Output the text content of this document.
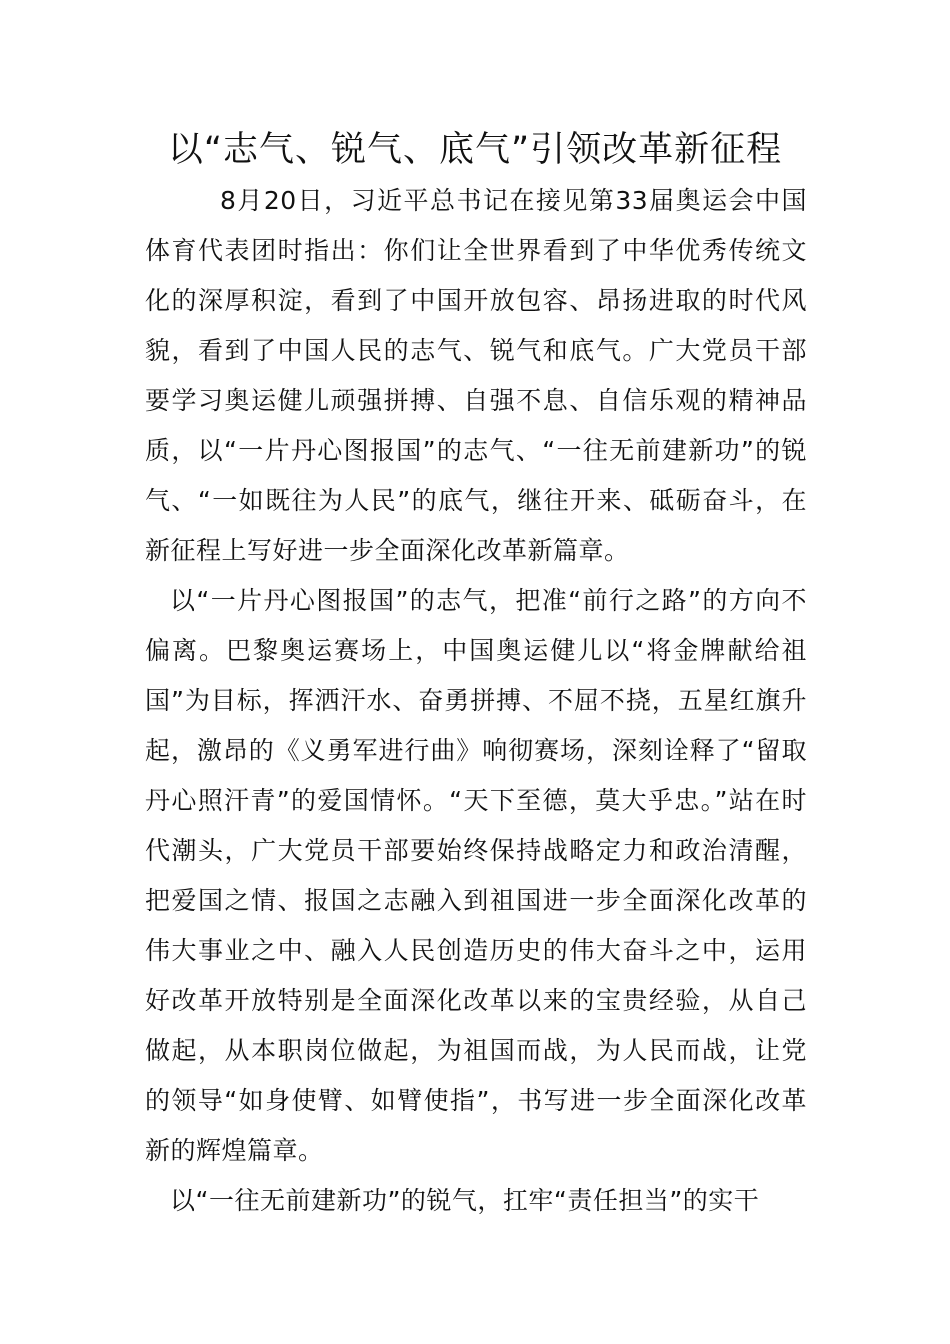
以“志气、锐气、底气”引领改革新征程

8月20日，习近平总书记在接见第33届奥运会中国体育代表团时指出：你们让全世界看到了中华优秀传统文化的深厚积淀，看到了中国开放包容、昂扬进取的时代风貌，看到了中国人民的志气、锐气和底气。广大党员干部要学习奥运健儿顽强拼搏、自强不息、自信乐观的精神品质，以“一片丹心图报国”的志气、“一往无前建新功”的锐气、“一如既往为人民”的底气，继往开来、砥砺奋斗，在新征程上写好进一步全面深化改革新篇章。

以“一片丹心图报国”的志气，把准“前行之路”的方向不偏离。巴黎奥运赛场上，中国奥运健儿以“将金牌献给祖国”为目标，挥洒汗水、奋勇拼搏、不屈不挠，五星红旗升起，激昂的《义勇军进行曲》响彻赛场，深刻诠释了“留取丹心照汗青”的爱国情怀。“天下至德，莫大乎忠。”站在时代潮头，广大党员干部要始终保持战略定力和政治清醒，把爱国之情、报国之志融入到祖国进一步全面深化改革的伟大事业之中、融入人民创造历史的伟大奋斗之中，运用好改革开放特别是全面深化改革以来的宝贵经验，从自己做起，从本职岗位做起，为祖国而战，为人民而战，让党的领导“如身使臂、如臂使指”，书写进一步全面深化改革新的辉煌篇章。

以“一往无前建新功”的锐气，扛牢“责任担当”的实干
